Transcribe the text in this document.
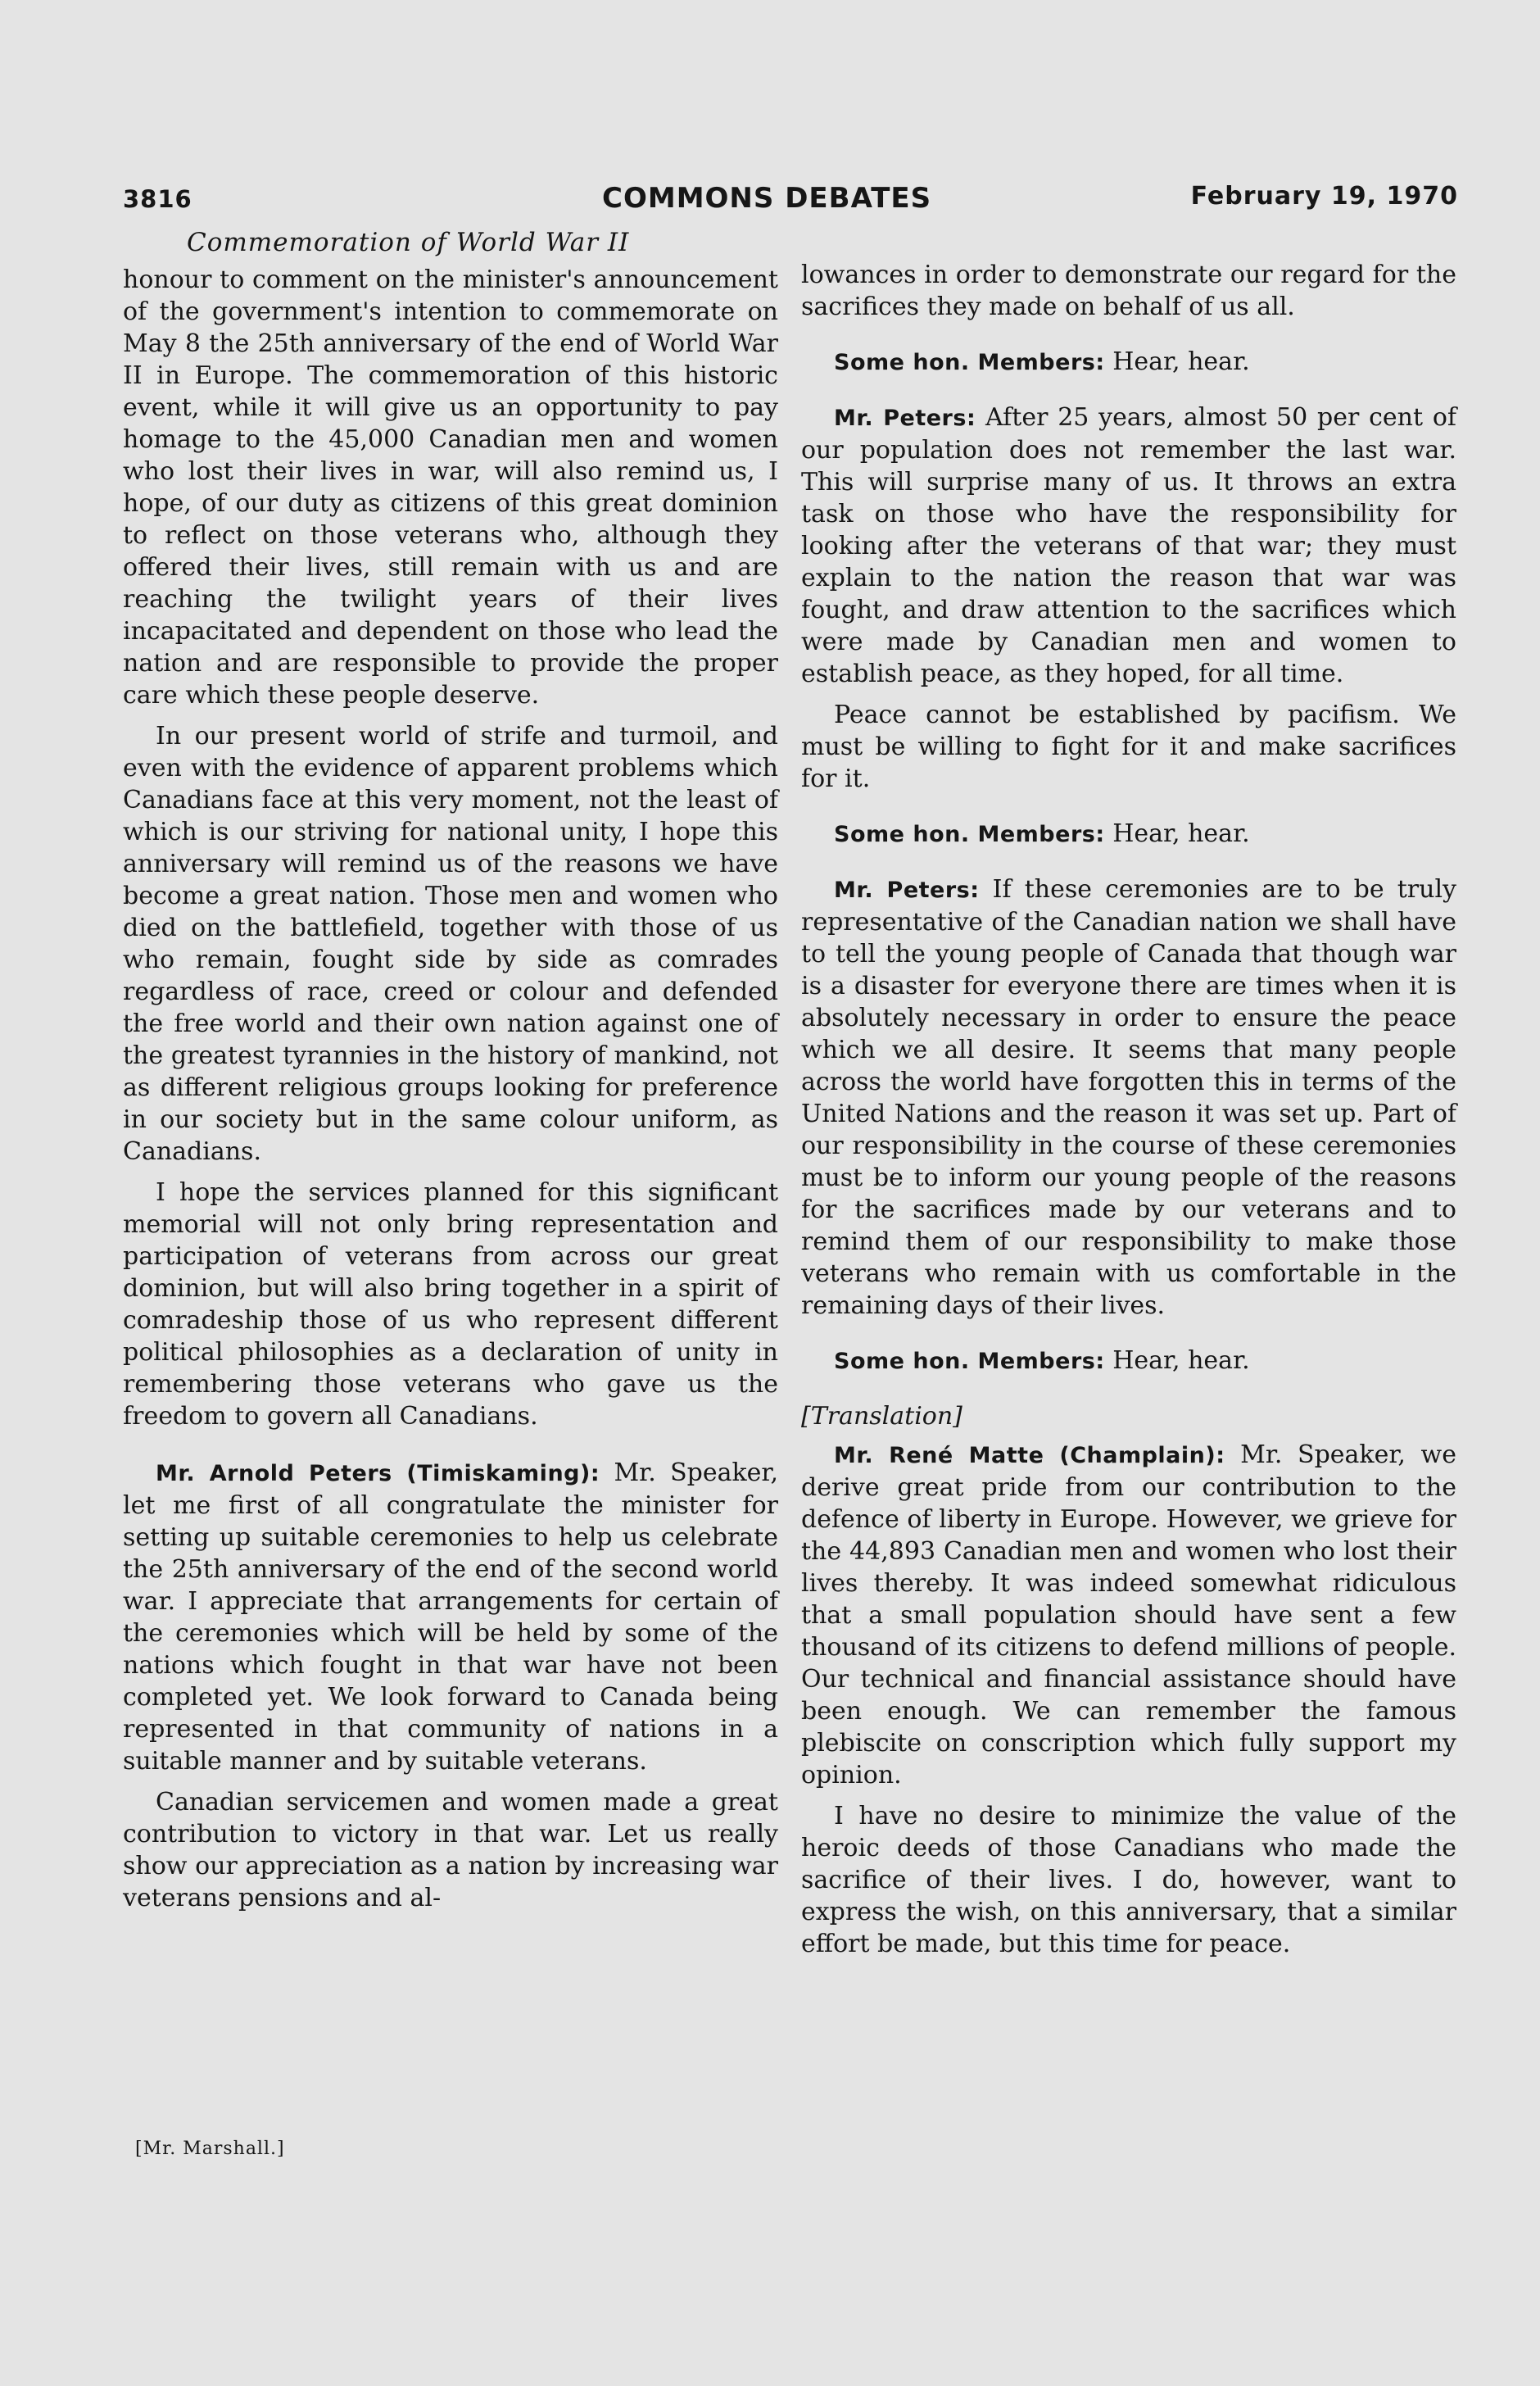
3816	COMMONS DEBATES	February 19, 1970
Commemoration of World War II

honour to comment on the minister's announcement of the government's intention to commemorate on May 8 the 25th anniversary of the end of World War II in Europe. The commemoration of this historic event, while it will give us an opportunity to pay homage to the 45,000 Canadian men and women who lost their lives in war, will also remind us, I hope, of our duty as citizens of this great dominion to reflect on those veterans who, although they offered their lives, still remain with us and are reaching the twilight years of their lives incapacitated and dependent on those who lead the nation and are responsible to provide the proper care which these people deserve.

In our present world of strife and turmoil, and even with the evidence of apparent problems which Canadians face at this very moment, not the least of which is our striving for national unity, I hope this anniversary will remind us of the reasons we have become a great nation. Those men and women who died on the battlefield, together with those of us who remain, fought side by side as comrades regardless of race, creed or colour and defended the free world and their own nation against one of the greatest tyrannies in the history of mankind, not as different religious groups looking for preference in our society but in the same colour uniform, as Canadians.

I hope the services planned for this significant memorial will not only bring representation and participation of veterans from across our great dominion, but will also bring together in a spirit of comradeship those of us who represent different political philosophies as a declaration of unity in remembering those veterans who gave us the freedom to govern all Canadians.

Mr. Arnold Peters (Timiskaming): Mr. Speaker, let me first of all congratulate the minister for setting up suitable ceremonies to help us celebrate the 25th anniversary of the end of the second world war. I appreciate that arrangements for certain of the ceremonies which will be held by some of the nations which fought in that war have not been completed yet. We look forward to Canada being represented in that community of nations in a suitable manner and by suitable veterans.

Canadian servicemen and women made a great contribution to victory in that war. Let us really show our appreciation as a nation by increasing war veterans pensions and al-

lowances in order to demonstrate our regard for the sacrifices they made on behalf of us all.

Some hon. Members: Hear, hear.

Mr. Peters: After 25 years, almost 50 per cent of our population does not remember the last war. This will surprise many of us. It throws an extra task on those who have the responsibility for looking after the veterans of that war; they must explain to the nation the reason that war was fought, and draw attention to the sacrifices which were made by Canadian men and women to establish peace, as they hoped, for all time.

Peace cannot be established by pacifism. We must be willing to fight for it and make sacrifices for it.

Some hon. Members: Hear, hear.

Mr. Peters: If these ceremonies are to be truly representative of the Canadian nation we shall have to tell the young people of Canada that though war is a disaster for everyone there are times when it is absolutely necessary in order to ensure the peace which we all desire. It seems that many people across the world have forgotten this in terms of the United Nations and the reason it was set up. Part of our responsibility in the course of these ceremonies must be to inform our young people of the reasons for the sacrifices made by our veterans and to remind them of our responsibility to make those veterans who remain with us comfortable in the remaining days of their lives.

Some hon. Members: Hear, hear.

[Translation]

Mr. René Matte (Champlain): Mr. Speaker, we derive great pride from our contribution to the defence of liberty in Europe. However, we grieve for the 44,893 Canadian men and women who lost their lives thereby. It was indeed somewhat ridiculous that a small population should have sent a few thousand of its citizens to defend millions of people. Our technical and financial assistance should have been enough. We can remember the famous plebiscite on conscription which fully support my opinion.

I have no desire to minimize the value of the heroic deeds of those Canadians who made the sacrifice of their lives. I do, however, want to express the wish, on this anniversary, that a similar effort be made, but this time for peace.

[Mr. Marshall.]
